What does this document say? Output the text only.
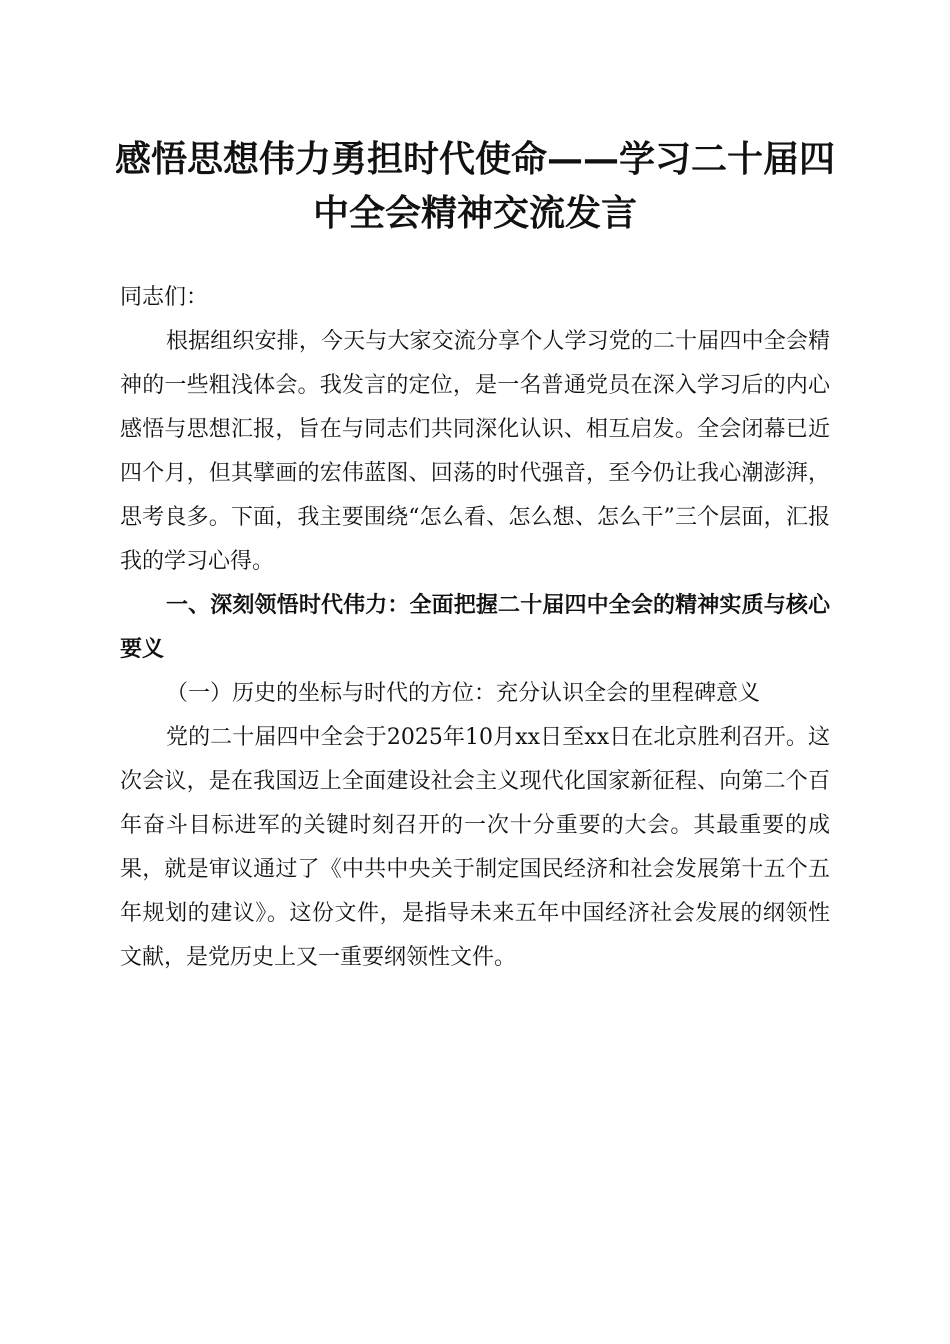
感悟思想伟力勇担时代使命——学习二十届四中全会精神交流发言

同志们：

根据组织安排，今天与大家交流分享个人学习党的二十届四中全会精神的一些粗浅体会。我发言的定位，是一名普通党员在深入学习后的内心感悟与思想汇报，旨在与同志们共同深化认识、相互启发。全会闭幕已近四个月，但其擘画的宏伟蓝图、回荡的时代强音，至今仍让我心潮澎湃，思考良多。下面，我主要围绕“怎么看、怎么想、怎么干”三个层面，汇报我的学习心得。

一、深刻领悟时代伟力：全面把握二十届四中全会的精神实质与核心要义

（一）历史的坐标与时代的方位：充分认识全会的里程碑意义

党的二十届四中全会于2025年10月xx日至xx日在北京胜利召开。这次会议，是在我国迈上全面建设社会主义现代化国家新征程、向第二个百年奋斗目标进军的关键时刻召开的一次十分重要的大会。其最重要的成果，就是审议通过了《中共中央关于制定国民经济和社会发展第十五个五年规划的建议》。这份文件，是指导未来五年中国经济社会发展的纲领性文献，是党历史上又一重要纲领性文件。
